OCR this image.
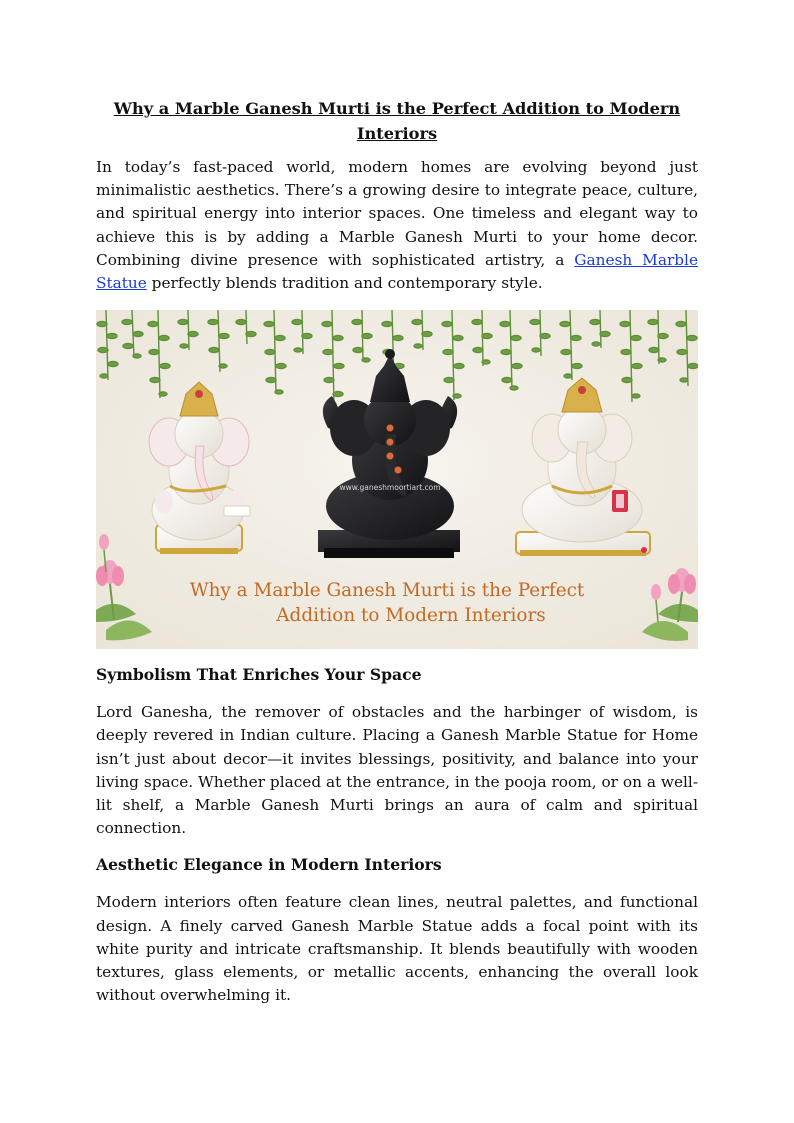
Why a Marble Ganesh Murti is the Perfect Addition to Modern
Interiors

In today’s fast-paced world, modern homes are evolving beyond just minimalistic aesthetics. There’s a growing desire to integrate peace, culture, and spiritual energy into interior spaces. One timeless and elegant way to achieve this is by adding a Marble Ganesh Murti to your home decor. Combining divine presence with sophisticated artistry, a Ganesh Marble Statue perfectly blends tradition and contemporary style.

www.ganeshmoortiart.com
Why a Marble Ganesh Murti is the Perfect
Addition to Modern Interiors
Symbolism That Enriches Your Space

Lord Ganesha, the remover of obstacles and the harbinger of wisdom, is deeply revered in Indian culture. Placing a Ganesh Marble Statue for Home isn’t just about decor—it invites blessings, positivity, and balance into your living space. Whether placed at the entrance, in the pooja room, or on a well-lit shelf, a Marble Ganesh Murti brings an aura of calm and spiritual connection.

Aesthetic Elegance in Modern Interiors

Modern interiors often feature clean lines, neutral palettes, and functional design. A finely carved Ganesh Marble Statue adds a focal point with its white purity and intricate craftsmanship. It blends beautifully with wooden textures, glass elements, or metallic accents, enhancing the overall look without overwhelming it.
